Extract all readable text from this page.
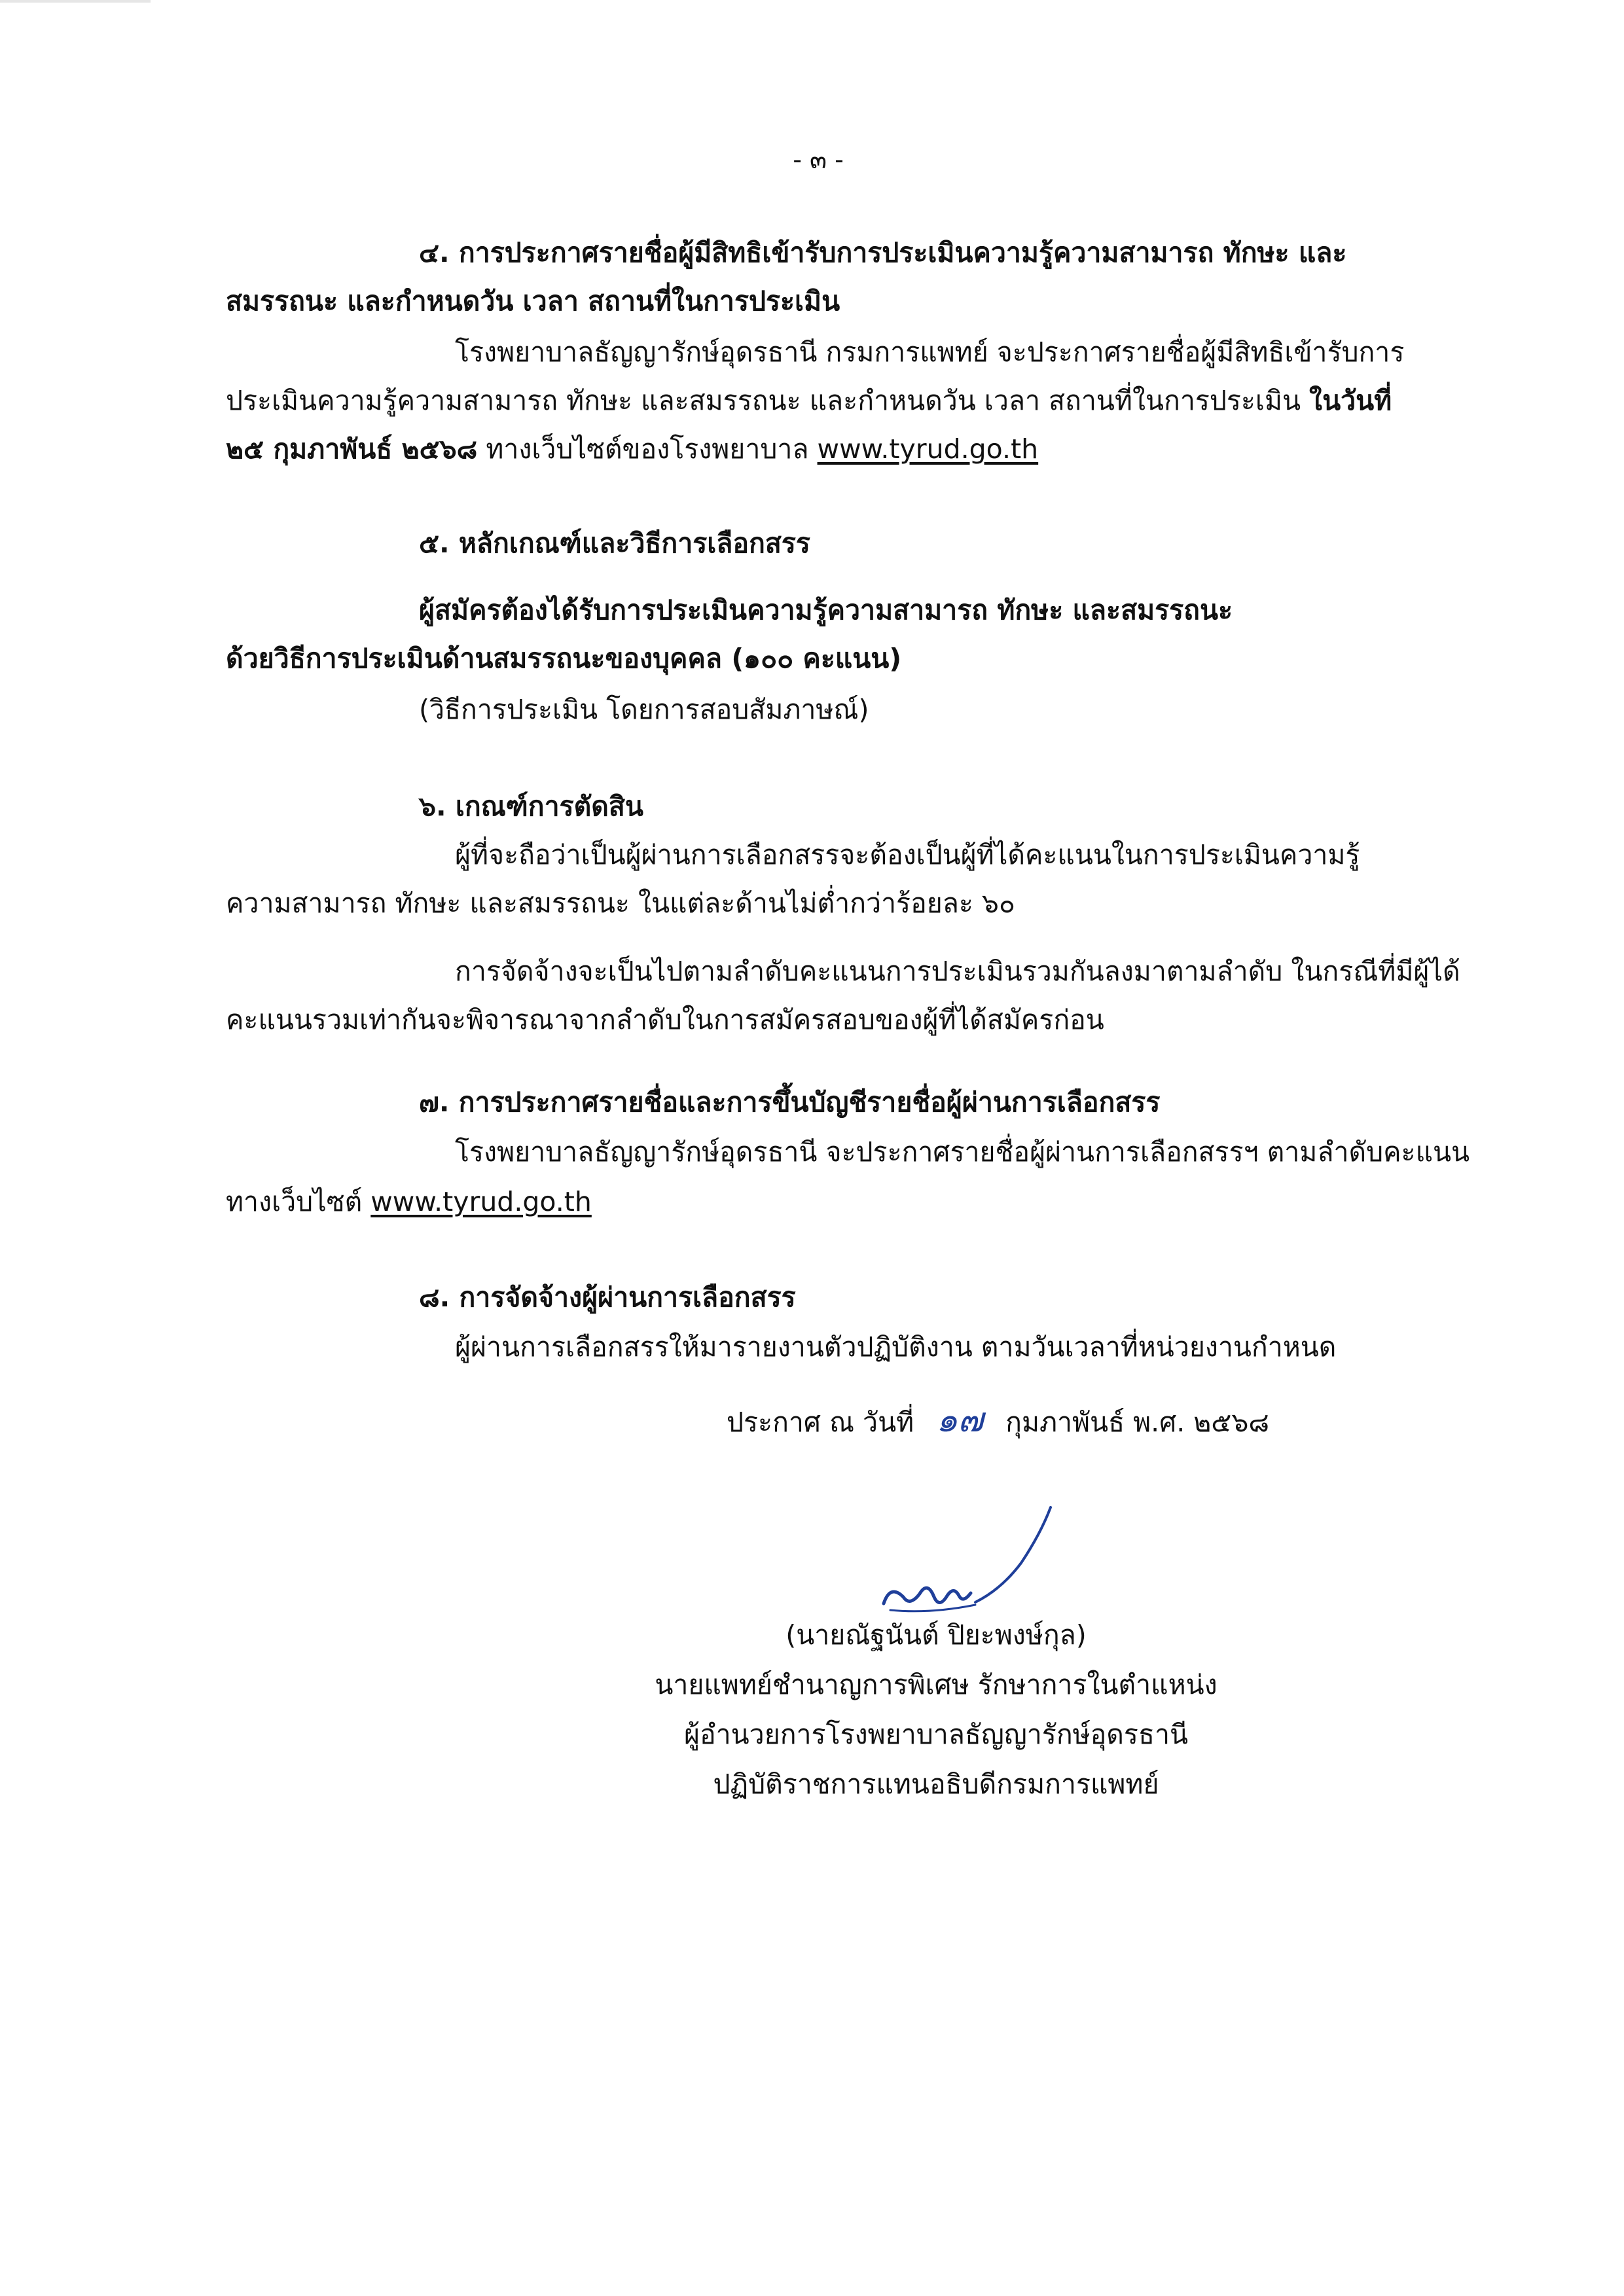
- ๓ -
๔. การประกาศรายชื่อผู้มีสิทธิเข้ารับการประเมินความรู้ความสามารถ ทักษะ และ
สมรรถนะ และกำหนดวัน เวลา สถานที่ในการประเมิน
โรงพยาบาลธัญญารักษ์อุดรธานี กรมการแพทย์ จะประกาศรายชื่อผู้มีสิทธิเข้ารับการ
ประเมินความรู้ความสามารถ ทักษะ และสมรรถนะ และกำหนดวัน เวลา สถานที่ในการประเมิน ในวันที่
๒๕ กุมภาพันธ์ ๒๕๖๘ ทางเว็บไซต์ของโรงพยาบาล www.tyrud.go.th
๕. หลักเกณฑ์และวิธีการเลือกสรร
ผู้สมัครต้องได้รับการประเมินความรู้ความสามารถ ทักษะ และสมรรถนะ
ด้วยวิธีการประเมินด้านสมรรถนะของบุคคล (๑๐๐ คะแนน)
(วิธีการประเมิน โดยการสอบสัมภาษณ์)
๖. เกณฑ์การตัดสิน
ผู้ที่จะถือว่าเป็นผู้ผ่านการเลือกสรรจะต้องเป็นผู้ที่ได้คะแนนในการประเมินความรู้
ความสามารถ ทักษะ และสมรรถนะ ในแต่ละด้านไม่ต่ำกว่าร้อยละ ๖๐
การจัดจ้างจะเป็นไปตามลำดับคะแนนการประเมินรวมกันลงมาตามลำดับ ในกรณีที่มีผู้ได้
คะแนนรวมเท่ากันจะพิจารณาจากลำดับในการสมัครสอบของผู้ที่ได้สมัครก่อน
๗. การประกาศรายชื่อและการขึ้นบัญชีรายชื่อผู้ผ่านการเลือกสรร
โรงพยาบาลธัญญารักษ์อุดรธานี จะประกาศรายชื่อผู้ผ่านการเลือกสรรฯ ตามลำดับคะแนน
ทางเว็บไซต์ www.tyrud.go.th
๘. การจัดจ้างผู้ผ่านการเลือกสรร
ผู้ผ่านการเลือกสรรให้มารายงานตัวปฏิบัติงาน ตามวันเวลาที่หน่วยงานกำหนด
ประกาศ ณ วันที่ ๑๗ กุมภาพันธ์ พ.ศ. ๒๕๖๘
(นายณัฐนันต์ ปิยะพงษ์กุล)
นายแพทย์ชำนาญการพิเศษ รักษาการในตำแหน่ง
ผู้อำนวยการโรงพยาบาลธัญญารักษ์อุดรธานี
ปฏิบัติราชการแทนอธิบดีกรมการแพทย์
